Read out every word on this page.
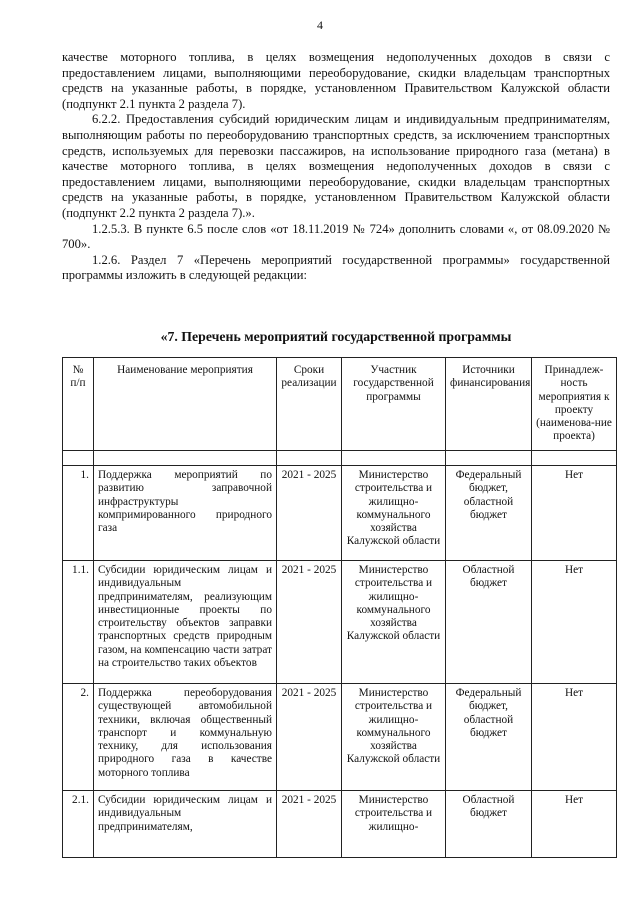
4

качестве моторного топлива, в целях возмещения недополученных доходов в связи с предоставлением лицами, выполняющими переоборудование, скидки владельцам транспортных средств на указанные работы, в порядке, установленном Правительством Калужской области (подпункт 2.1 пункта 2 раздела 7).

6.2.2. Предоставления субсидий юридическим лицам и индивидуальным предпринимателям, выполняющим работы по переоборудованию транспортных средств, за исключением транспортных средств, используемых для перевозки пассажиров, на использование природного газа (метана) в качестве моторного топлива, в целях возмещения недополученных доходов в связи с предоставлением лицами, выполняющими переоборудование, скидки владельцам транспортных средств на указанные работы, в порядке, установленном Правительством Калужской области (подпункт 2.2 пункта 2 раздела 7).».

1.2.5.3. В пункте 6.5 после слов «от 18.11.2019 № 724» дополнить словами «, от 08.09.2020 № 700».

1.2.6. Раздел 7 «Перечень мероприятий государственной программы» государственной программы изложить в следующей редакции:

«7. Перечень мероприятий государственной программы
№ п/п	Наименование мероприятия	Сроки реализации	Участник государственной программы	Источники финансирования	Принадлеж-ность мероприятия к проекту (наименова-ние проекта)

1.	Поддержка мероприятий по развитию заправочной инфраструктуры компримированного природного газа	2021 - 2025	Министерство строительства и жилищно-коммунального хозяйства Калужской области	Федеральный бюджет, областной бюджет	Нет
1.1.	Субсидии юридическим лицам и индивидуальным предпринимателям, реализующим инвестиционные проекты по строительству объектов заправки транспортных средств природным газом, на компенсацию части затрат на строительство таких объектов	2021 - 2025	Министерство строительства и жилищно-коммунального хозяйства Калужской области	Областной бюджет	Нет
2.	Поддержка переоборудования существующей автомобильной техники, включая общественный транспорт и коммунальную технику, для использования природного газа в качестве моторного топлива	2021 - 2025	Министерство строительства и жилищно-коммунального хозяйства Калужской области	Федеральный бюджет, областной бюджет	Нет
2.1.	Субсидии юридическим лицам и индивидуальным предпринимателям,	2021 - 2025	Министерство строительства и жилищно-	Областной бюджет	Нет
